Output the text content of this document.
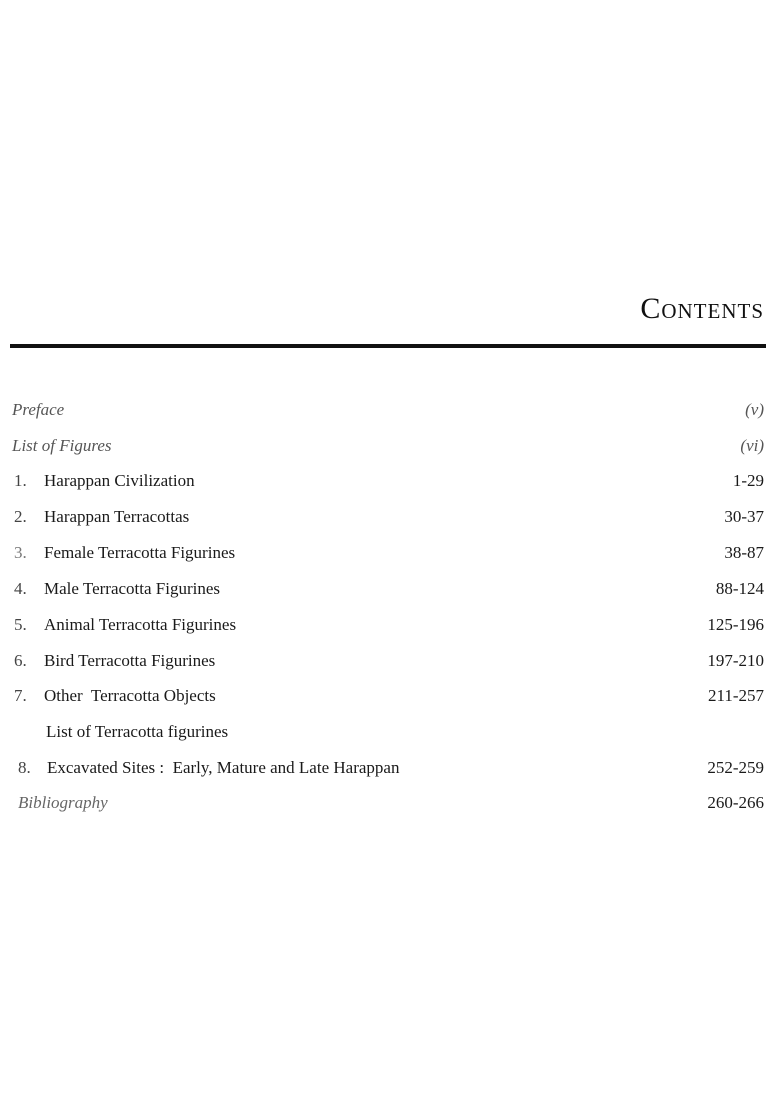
Contents
Preface	(v)
List of Figures	(vi)
1. Harappan Civilization	1-29
2. Harappan Terracottas	30-37
3. Female Terracotta Figurines	38-87
4. Male Terracotta Figurines	88-124
5. Animal Terracotta Figurines	125-196
6. Bird Terracotta Figurines	197-210
7. Other  Terracotta Objects	211-257
List of Terracotta figurines
8. Excavated Sites :  Early, Mature and Late Harappan	252-259
Bibliography	260-266
